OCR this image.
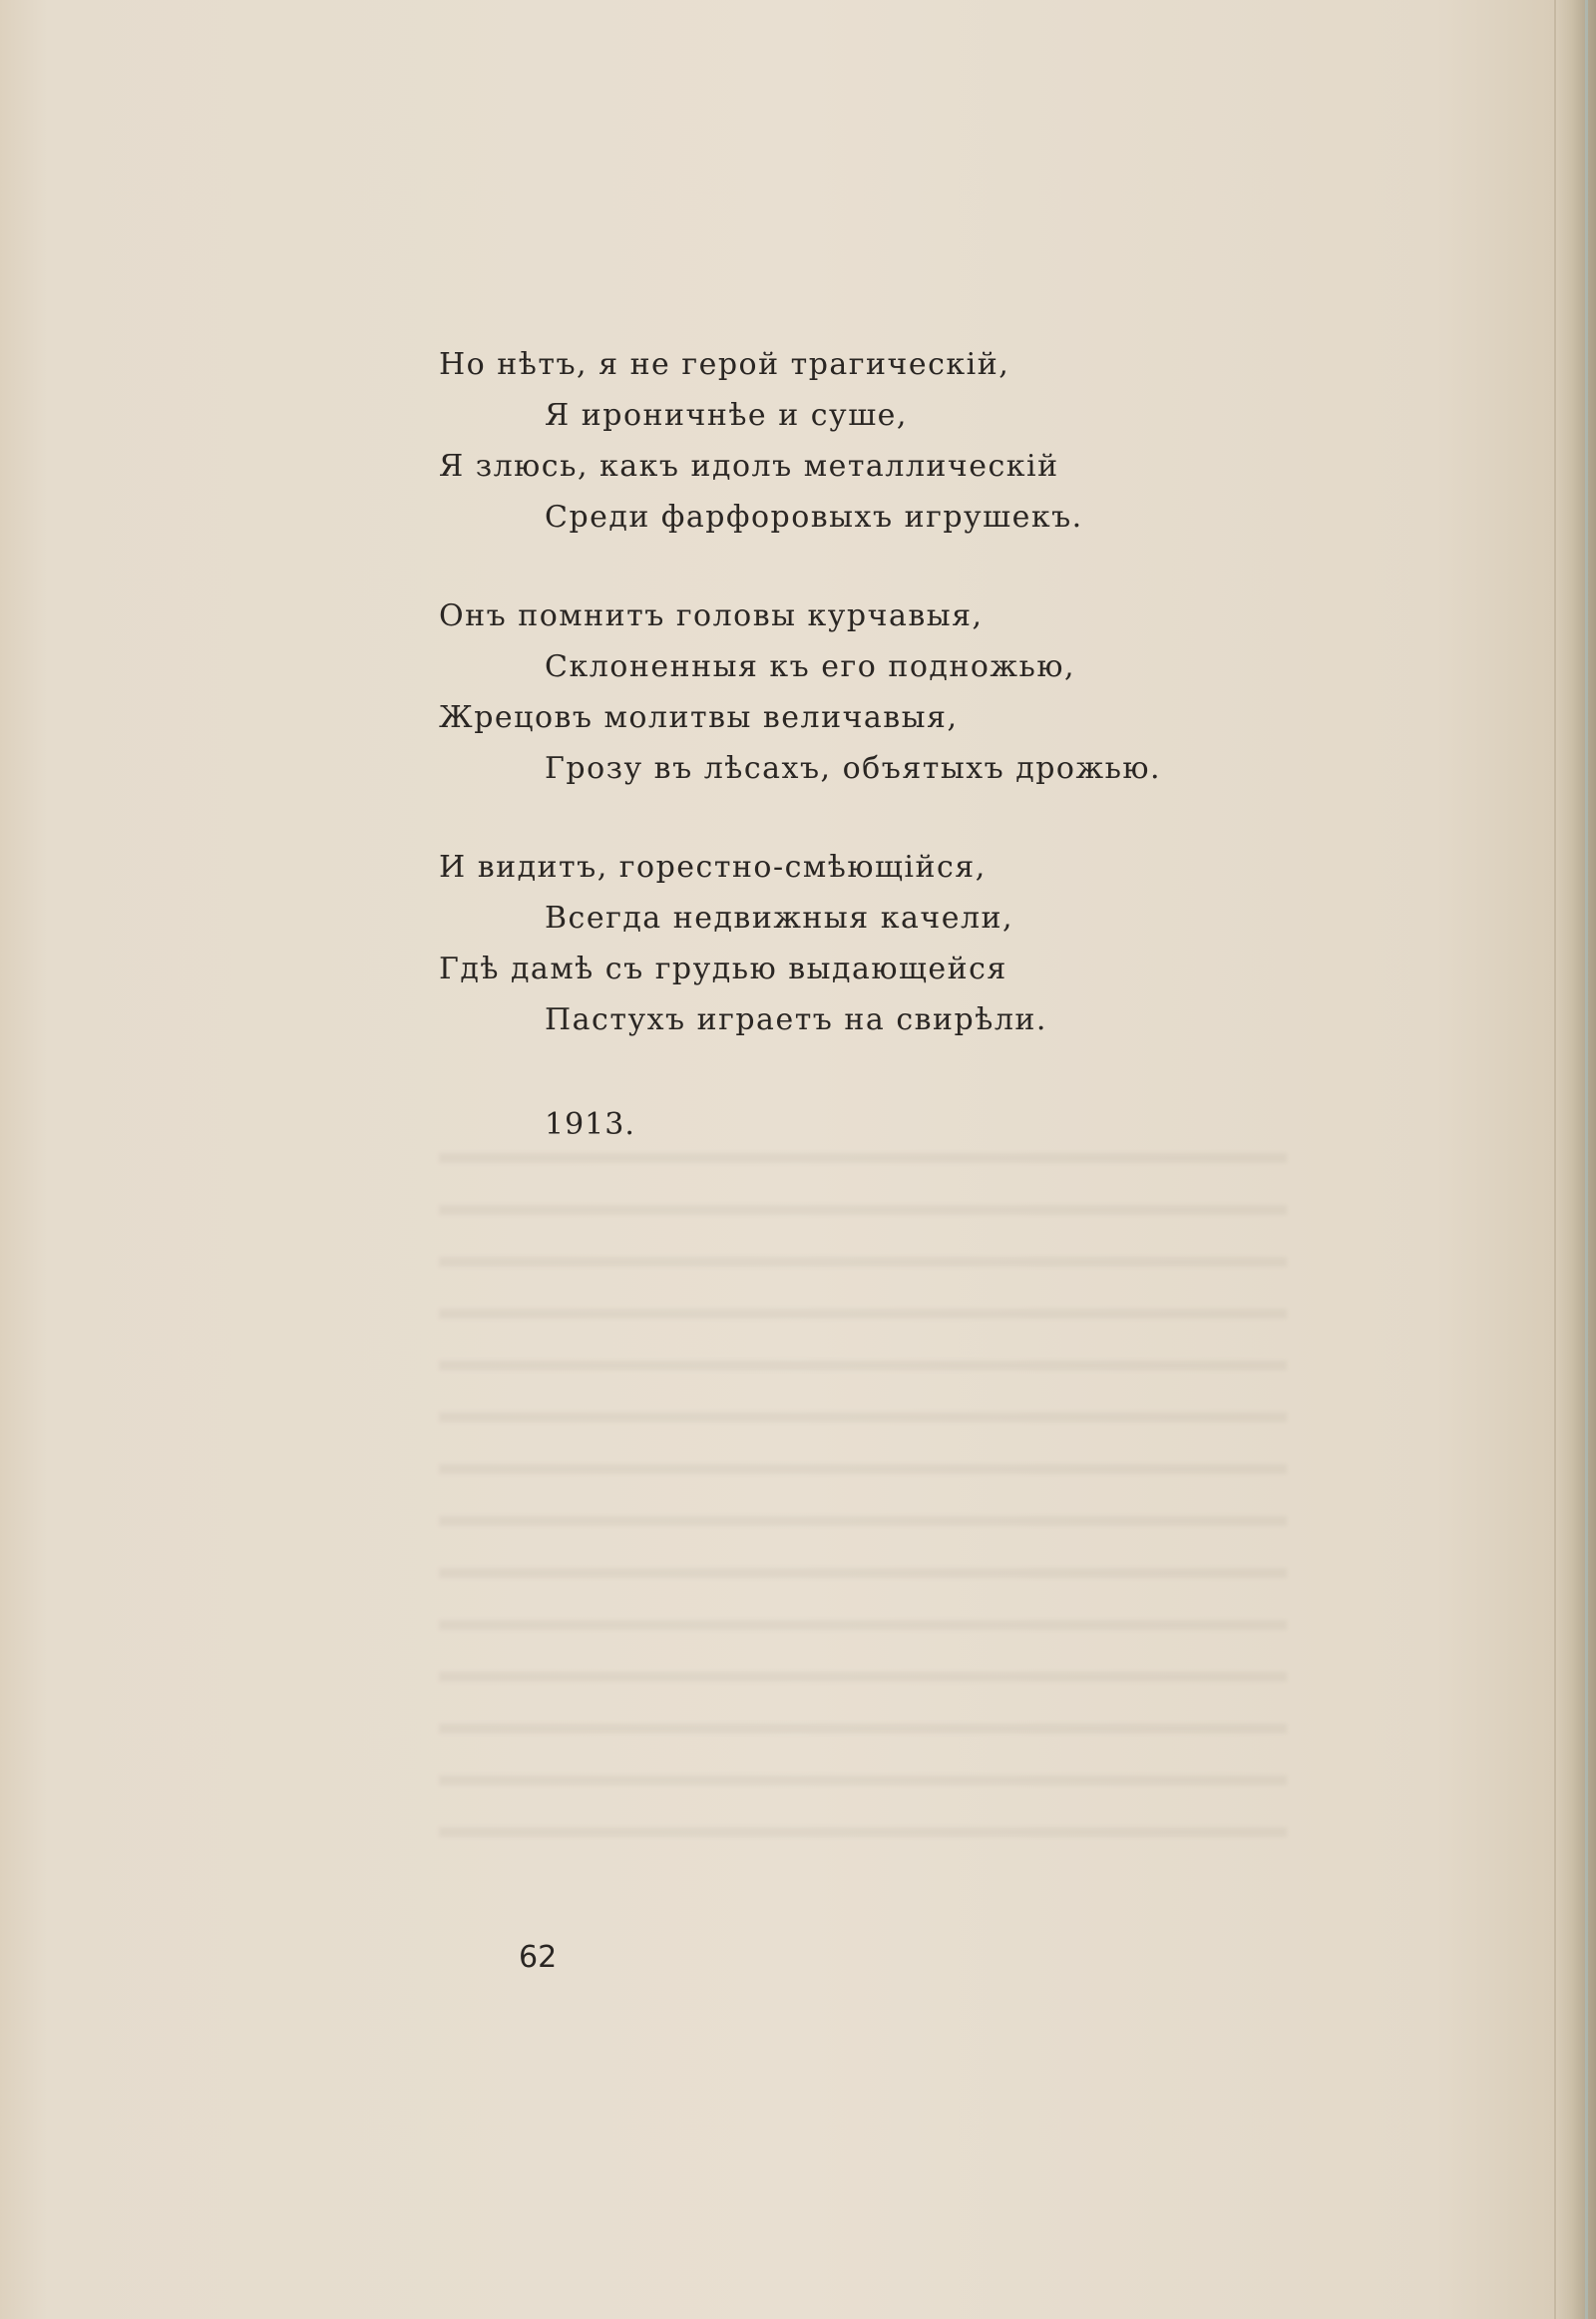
Но нѣтъ, я не герой трагическій,
Я ироничнѣе и суше,
Я злюсь, какъ идолъ металлическій
Среди фарфоровыхъ игрушекъ.
Онъ помнитъ головы курчавыя,
Склоненныя къ его подножью,
Жрецовъ молитвы величавыя,
Грозу въ лѣсахъ, объятыхъ дрожью.
И видитъ, горестно-смѣющійся,
Всегда недвижныя качели,
Гдѣ дамѣ съ грудью выдающейся
Пастухъ играетъ на свирѣли.
1913.
62
